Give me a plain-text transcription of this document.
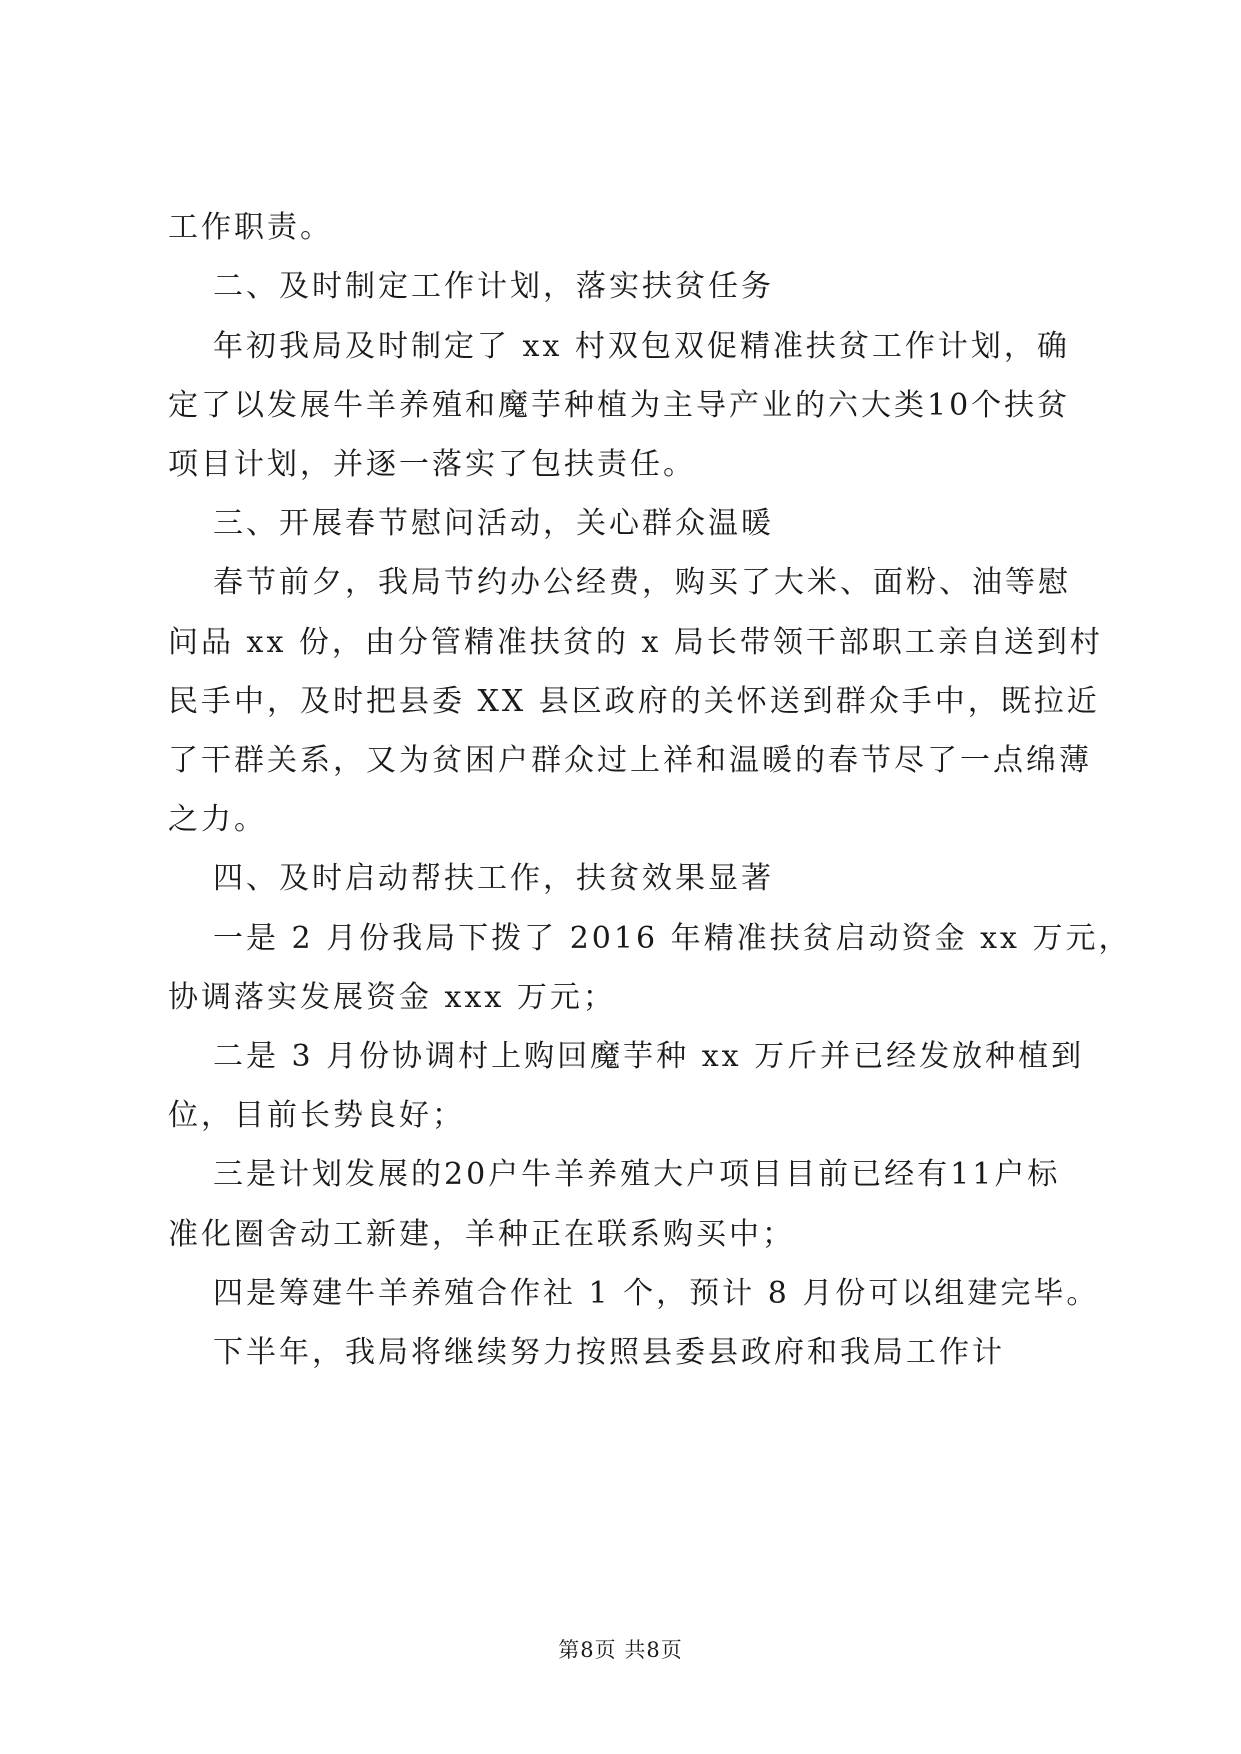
工作职责。
二、及时制定工作计划，落实扶贫任务
年初我局及时制定了 xx 村双包双促精准扶贫工作计划，确
定了以发展牛羊养殖和魔芋种植为主导产业的六大类10个扶贫
项目计划，并逐一落实了包扶责任。
三、开展春节慰问活动，关心群众温暖
春节前夕，我局节约办公经费，购买了大米、面粉、油等慰
问品 xx 份，由分管精准扶贫的 x 局长带领干部职工亲自送到村
民手中，及时把县委 XX 县区政府的关怀送到群众手中，既拉近
了干群关系，又为贫困户群众过上祥和温暖的春节尽了一点绵薄
之力。
四、及时启动帮扶工作，扶贫效果显著
一是 2 月份我局下拨了 2016 年精准扶贫启动资金 xx 万元，
协调落实发展资金 xxx 万元；
二是 3 月份协调村上购回魔芋种 xx 万斤并已经发放种植到
位，目前长势良好；
三是计划发展的20户牛羊养殖大户项目目前已经有11户标
准化圈舍动工新建，羊种正在联系购买中；
四是筹建牛羊养殖合作社 1 个，预计 8 月份可以组建完毕。
下半年，我局将继续努力按照县委县政府和我局工作计
第8页 共8页
